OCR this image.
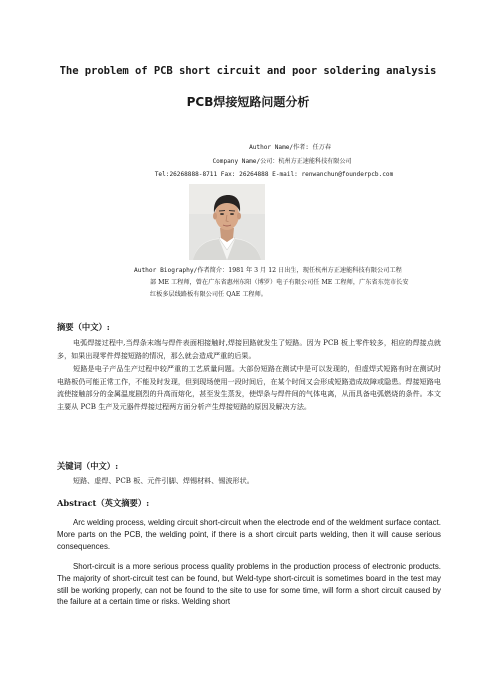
The problem of PCB short circuit and poor soldering analysis
PCB焊接短路问题分析
Author Name/作者: 任万春
Company Name/公司：杭州方正速能科技有限公司
Tel:26268888-8711 Fax: 26264888 E-mail: renwanchun@founderpcb.com
Author Biography/作者简介：1981 年 3 月 12 日出生，现任杭州方正速能科技有限公司工程
部 ME 工程师，曾在广东省惠州东阳（博罗）电子有限公司任 ME 工程师，广东省东莞市长安
红板多层线路板有限公司任 QAE 工程师。
摘要（中文）:
电弧焊接过程中,当焊条末端与焊件表面相接触时,焊接回路就发生了短路。因为 PCB 板上零件较多，相应的焊接点就多，如果出现零件焊接短路的情况，那么就会造成严重的后果。
短路是电子产品生产过程中较严重的工艺质量问题。大部份短路在测试中是可以发现的，但虚焊式短路有时在测试时电路板仍可能正常工作，不能及时发现，但到现场使用一段时间后，在某个时间又会形成短路造成故障或隐患。焊接短路电流使接触部分的金属温度剧烈的升高而熔化，甚至发生蒸发，使焊条与焊件间的气体电离，从而具备电弧燃烧的条件。本文主要从 PCB 生产及元器件焊接过程两方面分析产生焊接短路的原因及解决方法。
关键词（中文）:
短路、虚焊、PCB 板、元件引脚、焊锡材料、锡波形状。
Abstract（英文摘要）:
Arc welding process, welding circuit short-circuit when the electrode end of the weldment surface contact. More parts on the PCB, the welding point, if there is a short circuit parts welding, then it will cause serious consequences.
Short-circuit is a more serious process quality problems in the production process of electronic products. The majority of short-circuit test can be found, but Weld-type short-circuit is sometimes board in the test may still be working properly, can not be found to the site to use for some time, will form a short circuit caused by the failure at a certain time or risks. Welding short
